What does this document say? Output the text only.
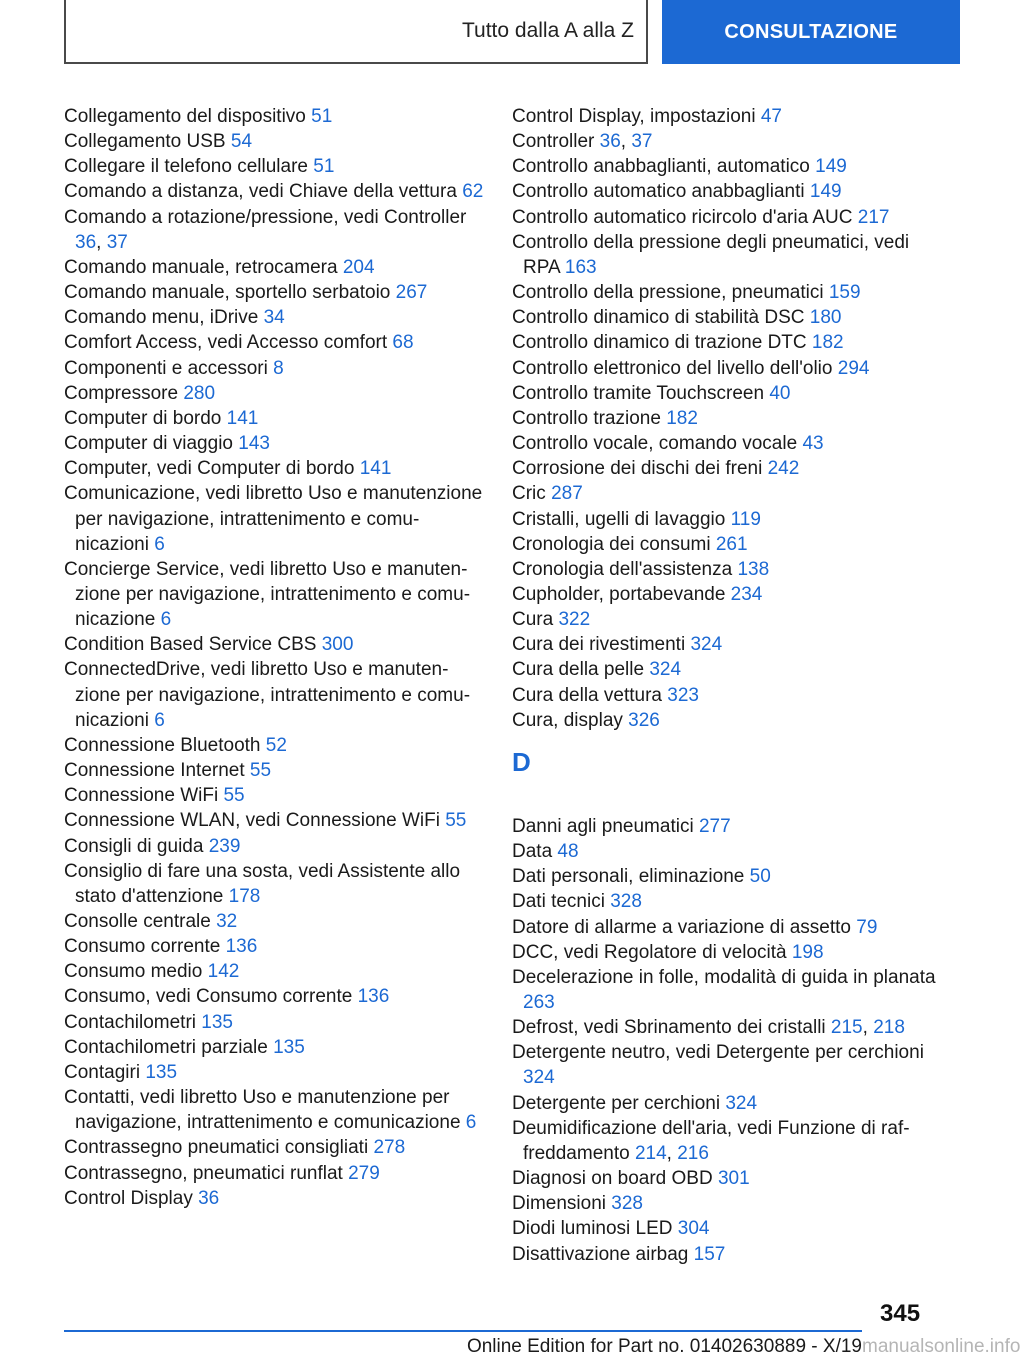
Tutto dalla A alla Z	CONSULTAZIONE

Collegamento del dispositivo 51

Collegamento USB 54

Collegare il telefono cellulare 51

Comando a distanza, vedi Chiave della vettura 62

Comando a rotazione/pressione, vedi Controller 36, 37

Comando manuale, retrocamera 204

Comando manuale, sportello serbatoio 267

Comando menu, iDrive 34

Comfort Access, vedi Accesso comfort 68

Componenti e accessori 8

Compressore 280

Computer di bordo 141

Computer di viaggio 143

Computer, vedi Computer di bordo 141

Comunicazione, vedi libretto Uso e manutenzione per navigazione, intrattenimento e comunicazioni 6

Concierge Service, vedi libretto Uso e manutenzione per navigazione, intrattenimento e comunicazione 6

Condition Based Service CBS 300

ConnectedDrive, vedi libretto Uso e manutenzione per navigazione, intrattenimento e comunicazioni 6

Connessione Bluetooth 52

Connessione Internet 55

Connessione WiFi 55

Connessione WLAN, vedi Connessione WiFi 55

Consigli di guida 239

Consiglio di fare una sosta, vedi Assistente allo stato d'attenzione 178

Consolle centrale 32

Consumo corrente 136

Consumo medio 142

Consumo, vedi Consumo corrente 136

Contachilometri 135

Contachilometri parziale 135

Contagiri 135

Contatti, vedi libretto Uso e manutenzione per navigazione, intrattenimento e comunicazione 6

Contrassegno pneumatici consigliati 278

Contrassegno, pneumatici runflat 279

Control Display 36

Control Display, impostazioni 47

Controller 36, 37

Controllo anabbaglianti, automatico 149

Controllo automatico anabbaglianti 149

Controllo automatico ricircolo d'aria AUC 217

Controllo della pressione degli pneumatici, vedi RPA 163

Controllo della pressione, pneumatici 159

Controllo dinamico di stabilità DSC 180

Controllo dinamico di trazione DTC 182

Controllo elettronico del livello dell'olio 294

Controllo tramite Touchscreen 40

Controllo trazione 182

Controllo vocale, comando vocale 43

Corrosione dei dischi dei freni 242

Cric 287

Cristalli, ugelli di lavaggio 119

Cronologia dei consumi 261

Cronologia dell'assistenza 138

Cupholder, portabevande 234

Cura 322

Cura dei rivestimenti 324

Cura della pelle 324

Cura della vettura 323

Cura, display 326

D

Danni agli pneumatici 277

Data 48

Dati personali, eliminazione 50

Dati tecnici 328

Datore di allarme a variazione di assetto 79

DCC, vedi Regolatore di velocità 198

Decelerazione in folle, modalità di guida in planata 263

Defrost, vedi Sbrinamento dei cristalli 215, 218

Detergente neutro, vedi Detergente per cerchioni 324

Detergente per cerchioni 324

Deumidificazione dell'aria, vedi Funzione di raffreddamento 214, 216

Diagnosi on board OBD 301

Dimensioni 328

Diodi luminosi LED 304

Disattivazione airbag 157

345
Online Edition for Part no. 01402630889 - X/19 manualsonline.info
